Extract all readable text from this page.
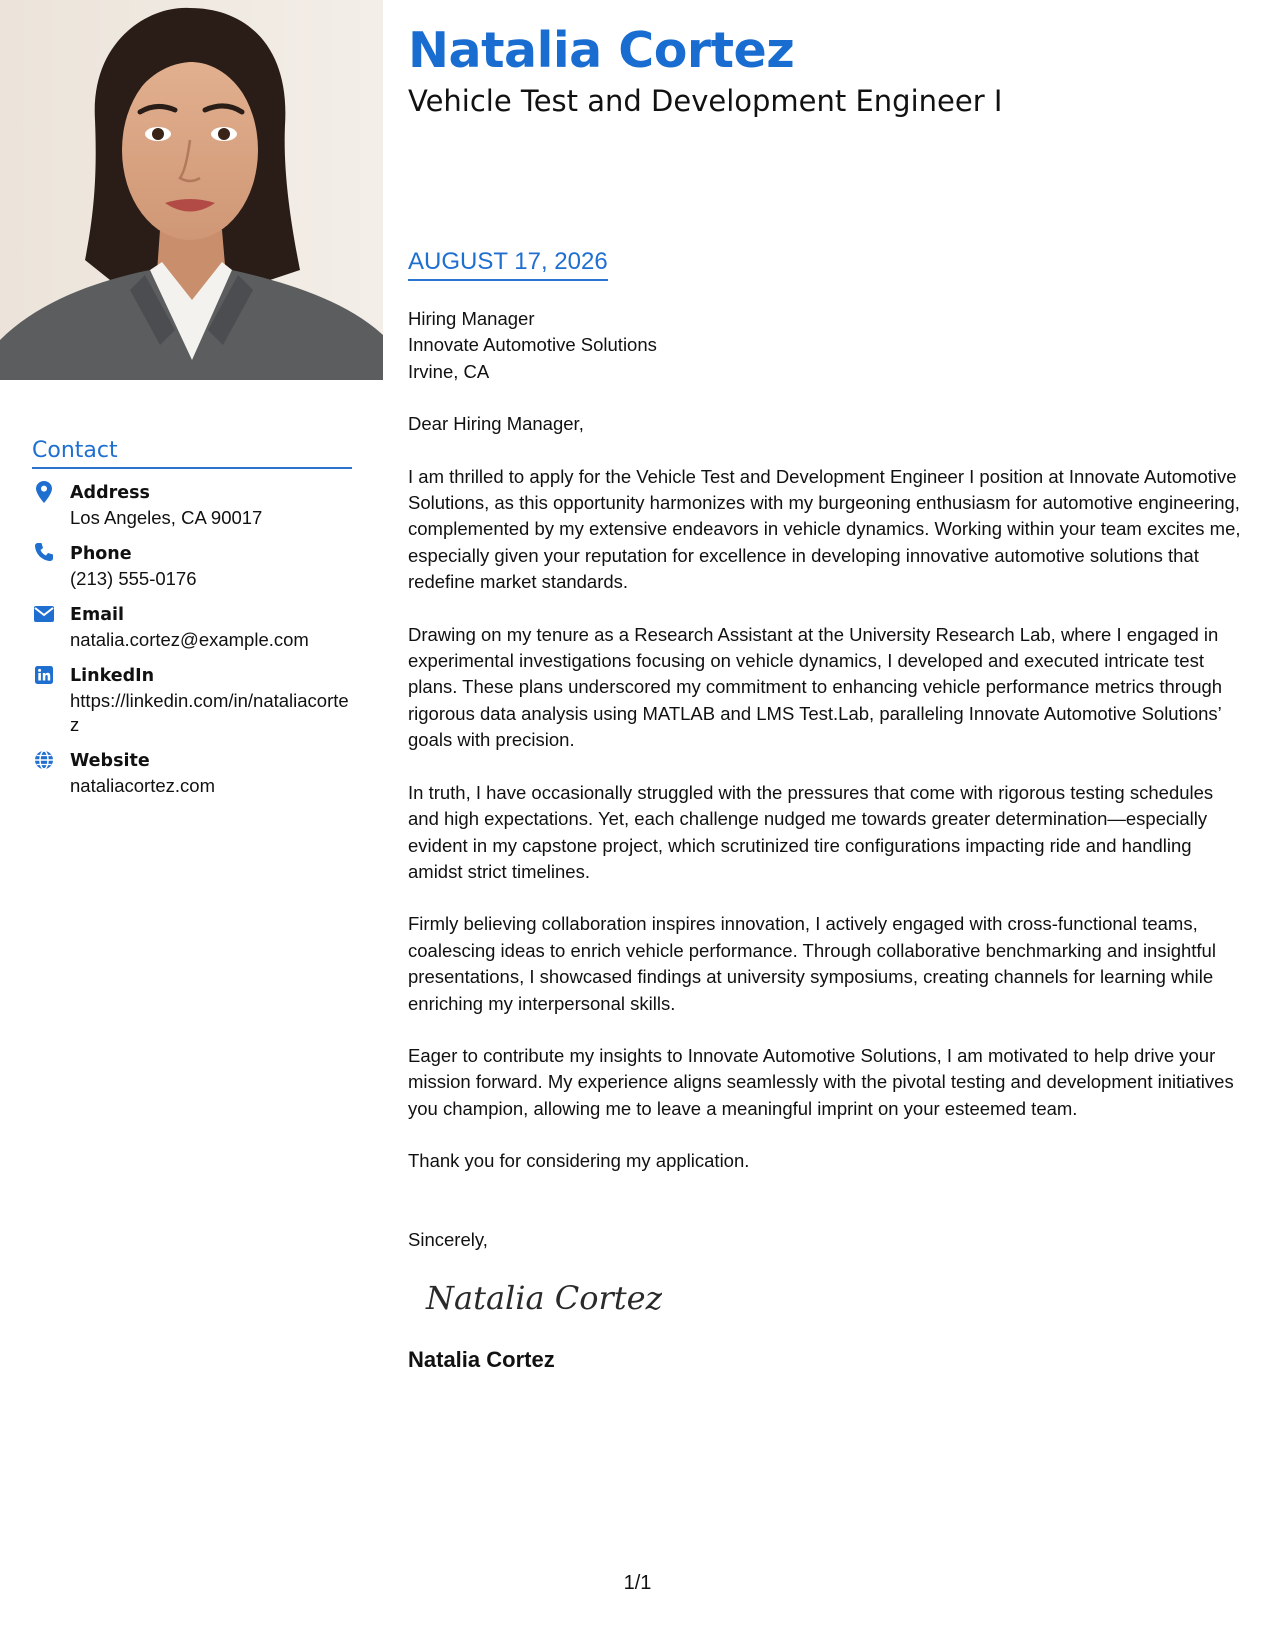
Contact
Address
Los Angeles, CA 90017
Phone
(213) 555-0176
Email
natalia.cortez@example.com
LinkedIn
https://linkedin.com/in/nataliacortez
Website
nataliacortez.com
Natalia Cortez
Vehicle Test and Development Engineer I
AUGUST 17, 2026
Hiring Manager
Innovate Automotive Solutions
Irvine, CA

Dear Hiring Manager,

I am thrilled to apply for the Vehicle Test and Development Engineer I position at Innovate Automotive Solutions, as this opportunity harmonizes with my burgeoning enthusiasm for automotive engineering, complemented by my extensive endeavors in vehicle dynamics. Working within your team excites me, especially given your reputation for excellence in developing innovative automotive solutions that redefine market standards.

Drawing on my tenure as a Research Assistant at the University Research Lab, where I engaged in experimental investigations focusing on vehicle dynamics, I developed and executed intricate test plans. These plans underscored my commitment to enhancing vehicle performance metrics through rigorous data analysis using MATLAB and LMS Test.Lab, paralleling Innovate Automotive Solutions’ goals with precision.

In truth, I have occasionally struggled with the pressures that come with rigorous testing schedules and high expectations. Yet, each challenge nudged me towards greater determination—especially evident in my capstone project, which scrutinized tire configurations impacting ride and handling amidst strict timelines.

Firmly believing collaboration inspires innovation, I actively engaged with cross-functional teams, coalescing ideas to enrich vehicle performance. Through collaborative benchmarking and insightful presentations, I showcased findings at university symposiums, creating channels for learning while enriching my interpersonal skills.

Eager to contribute my insights to Innovate Automotive Solutions, I am motivated to help drive your mission forward. My experience aligns seamlessly with the pivotal testing and development initiatives you champion, allowing me to leave a meaningful imprint on your esteemed team.

Thank you for considering my application.

Sincerely,

Natalia Cortez
Natalia Cortez
1/1
